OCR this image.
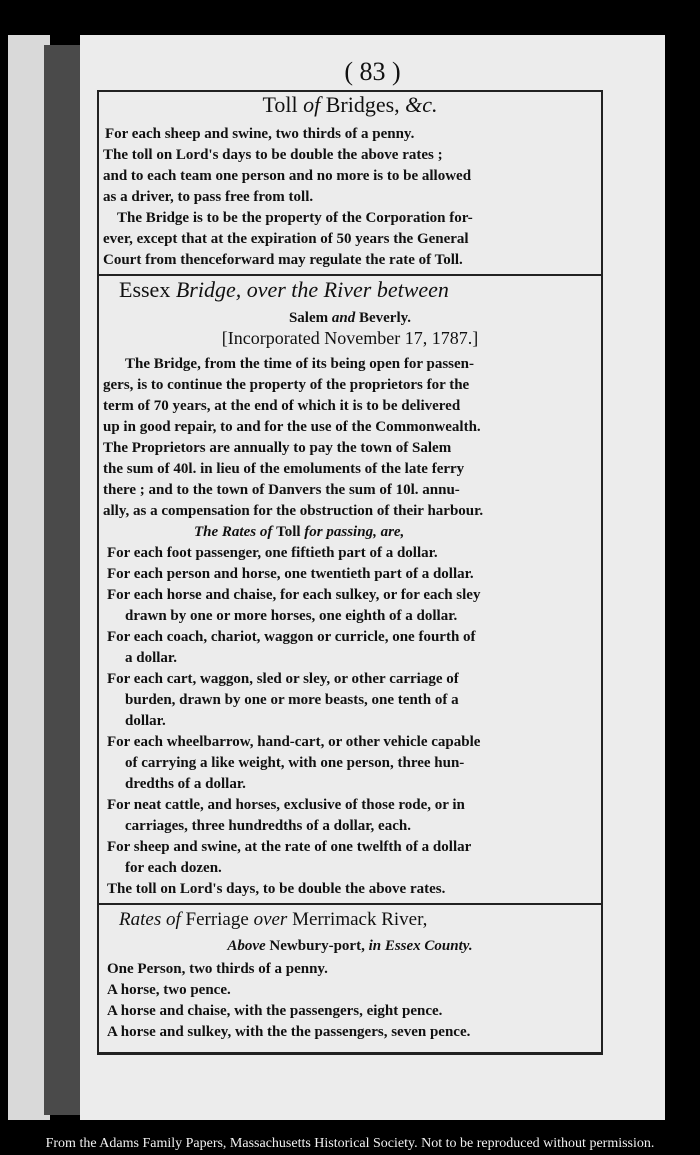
( 83 )
Toll of Bridges, &c.
For each sheep and swine, two thirds of a penny.
The toll on Lord's days to be double the above rates ;
and to each team one person and no more is to be allowed
as a driver, to pass free from toll.
The Bridge is to be the property of the Corporation for-
ever, except that at the expiration of 50 years the General
Court from thenceforward may regulate the rate of Toll.
Essex Bridge, over the River between
Salem and Beverly.
[Incorporated November 17, 1787.]
The Bridge, from the time of its being open for passen-
gers, is to continue the property of the proprietors for the
term of 70 years, at the end of which it is to be delivered
up in good repair, to and for the use of the Commonwealth.
The Proprietors are annually to pay the town of Salem
the sum of 40l. in lieu of the emoluments of the late ferry
there ; and to the town of Danvers the sum of 10l. annu-
ally, as a compensation for the obstruction of their harbour.
The Rates of Toll for passing, are,
For each foot passenger, one fiftieth part of a dollar.
For each person and horse, one twentieth part of a dollar.
For each horse and chaise, for each sulkey, or for each sley
drawn by one or more horses, one eighth of a dollar.
For each coach, chariot, waggon or curricle, one fourth of
a dollar.
For each cart, waggon, sled or sley, or other carriage of
burden, drawn by one or more beasts, one tenth of a
dollar.
For each wheelbarrow, hand-cart, or other vehicle capable
of carrying a like weight, with one person, three hun-
dredths of a dollar.
For neat cattle, and horses, exclusive of those rode, or in
carriages, three hundredths of a dollar, each.
For sheep and swine, at the rate of one twelfth of a dollar
for each dozen.
The toll on Lord's days, to be double the above rates.
Rates of Ferriage over Merrimack River,
Above Newbury-port, in Essex County.
One Person, two thirds of a penny.
A horse, two pence.
A horse and chaise, with the passengers, eight pence.
A horse and sulkey, with the the passengers, seven pence.
From the Adams Family Papers, Massachusetts Historical Society. Not to be reproduced without permission.
